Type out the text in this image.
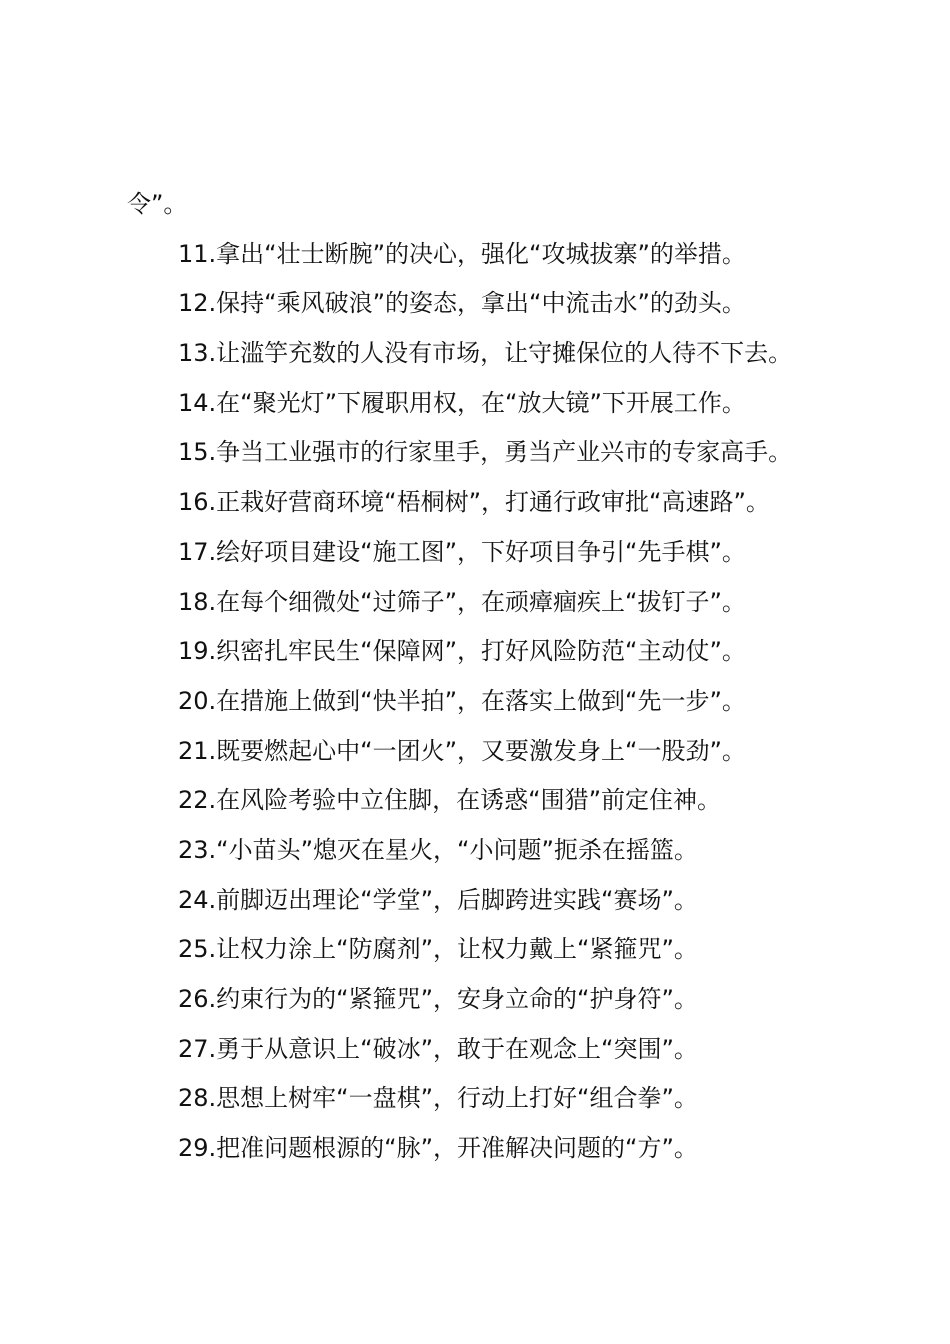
令”。
11.拿出“壮士断腕”的决心，强化“攻城拔寨”的举措。
12.保持“乘风破浪”的姿态，拿出“中流击水”的劲头。
13.让滥竽充数的人没有市场，让守摊保位的人待不下去。
14.在“聚光灯”下履职用权，在“放大镜”下开展工作。
15.争当工业强市的行家里手，勇当产业兴市的专家高手。
16.正栽好营商环境“梧桐树”，打通行政审批“高速路”。
17.绘好项目建设“施工图”，下好项目争引“先手棋”。
18.在每个细微处“过筛子”，在顽瘴痼疾上“拔钉子”。
19.织密扎牢民生“保障网”，打好风险防范“主动仗”。
20.在措施上做到“快半拍”，在落实上做到“先一步”。
21.既要燃起心中“一团火”，又要激发身上“一股劲”。
22.在风险考验中立住脚，在诱惑“围猎”前定住神。
23.“小苗头”熄灭在星火，“小问题”扼杀在摇篮。
24.前脚迈出理论“学堂”，后脚跨进实践“赛场”。
25.让权力涂上“防腐剂”，让权力戴上“紧箍咒”。
26.约束行为的“紧箍咒”，安身立命的“护身符”。
27.勇于从意识上“破冰”，敢于在观念上“突围”。
28.思想上树牢“一盘棋”，行动上打好“组合拳”。
29.把准问题根源的“脉”，开准解决问题的“方”。
